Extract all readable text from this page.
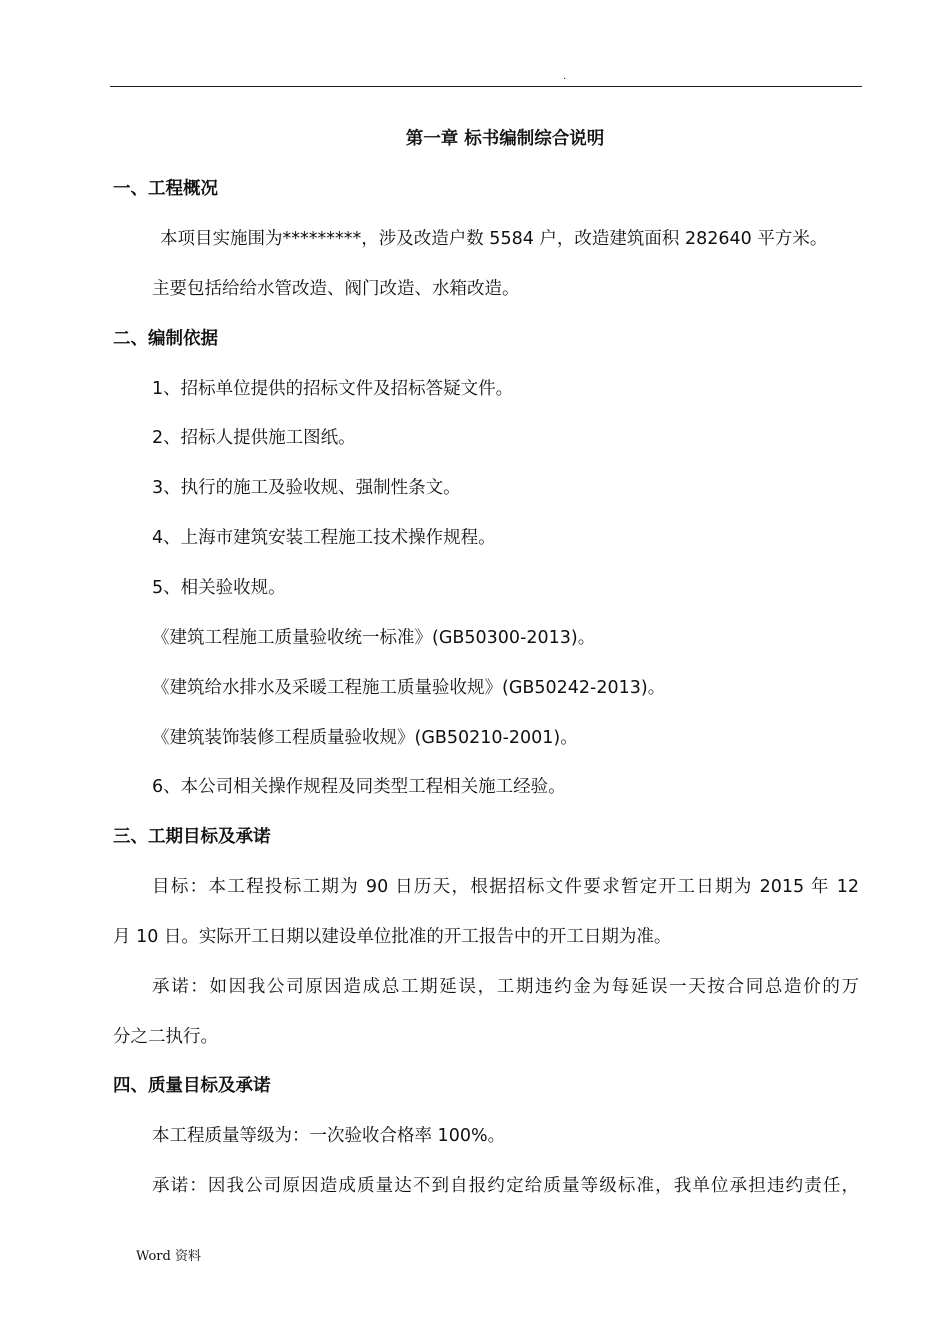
.
第一章 标书编制综合说明
一、工程概况
本项目实施围为*********，涉及改造户数 5584 户，改造建筑面积 282640 平方米。
主要包括给给水管改造、阀门改造、水箱改造。
二、编制依据
1、招标单位提供的招标文件及招标答疑文件。
2、招标人提供施工图纸。
3、执行的施工及验收规、强制性条文。
4、上海市建筑安装工程施工技术操作规程。
5、相关验收规。
《建筑工程施工质量验收统一标准》(GB50300-2013)。
《建筑给水排水及采暖工程施工质量验收规》(GB50242-2013)。
《建筑装饰装修工程质量验收规》(GB50210-2001)。
6、本公司相关操作规程及同类型工程相关施工经验。
三、工期目标及承诺
目标：本工程投标工期为 90 日历天，根据招标文件要求暂定开工日期为 2015 年 12
月 10 日。实际开工日期以建设单位批准的开工报告中的开工日期为准。
承诺：如因我公司原因造成总工期延误，工期违约金为每延误一天按合同总造价的万
分之二执行。
四、质量目标及承诺
本工程质量等级为：一次验收合格率 100%。
承诺：因我公司原因造成质量达不到自报约定给质量等级标准，我单位承担违约责任，
Word 资料
